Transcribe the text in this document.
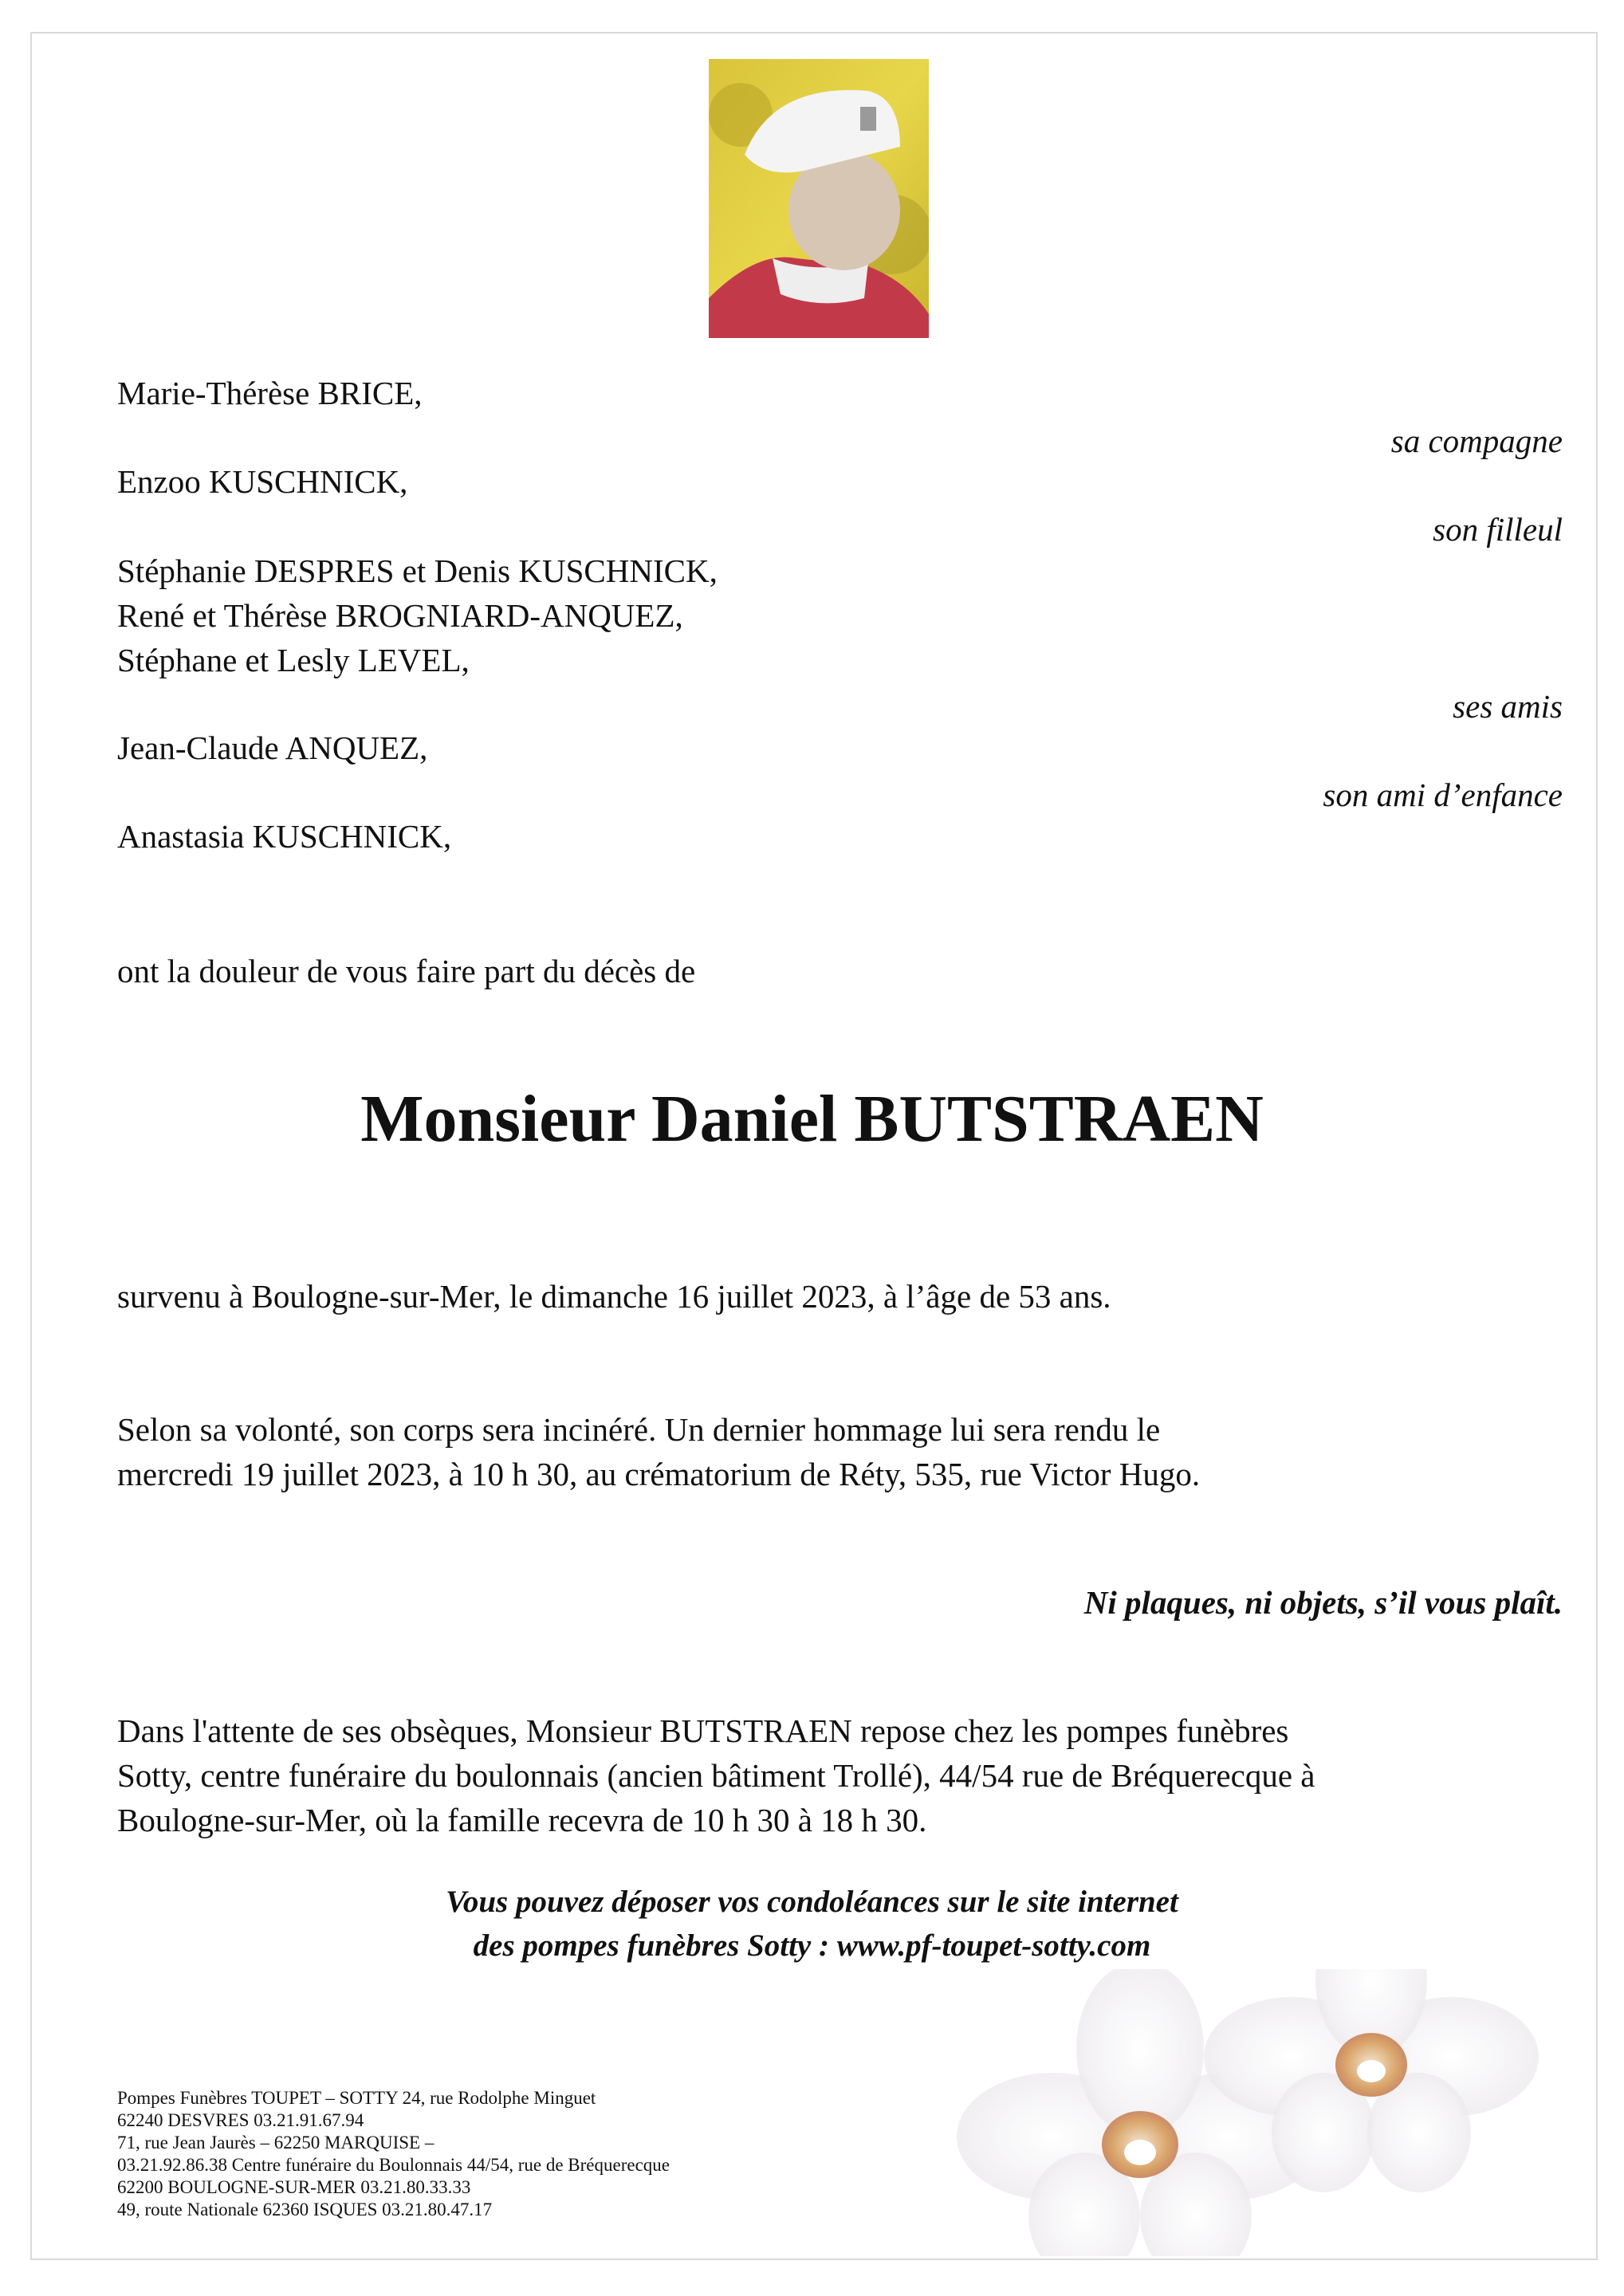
Marie-Thérèse BRICE,
sa compagne
Enzoo KUSCHNICK,
son filleul
Stéphanie DESPRES et Denis KUSCHNICK,
René et Thérèse BROGNIARD-ANQUEZ,
Stéphane et Lesly LEVEL,
ses amis
Jean-Claude ANQUEZ,
son ami d’enfance
Anastasia KUSCHNICK,
ont la douleur de vous faire part du décès de
Monsieur Daniel BUTSTRAEN
survenu à Boulogne-sur-Mer, le dimanche 16 juillet 2023, à l’âge de 53 ans.
Selon sa volonté, son corps sera incinéré. Un dernier hommage lui sera rendu le
mercredi 19 juillet 2023, à 10 h 30, au crématorium de Réty, 535, rue Victor Hugo.
Ni plaques, ni objets, s’il vous plaît.
Dans l'attente de ses obsèques, Monsieur BUTSTRAEN repose chez les pompes funèbres
Sotty, centre funéraire du boulonnais (ancien bâtiment Trollé), 44/54 rue de Bréquerecque à
Boulogne-sur-Mer, où la famille recevra de 10 h 30 à 18 h 30.
Vous pouvez déposer vos condoléances sur le site internet
des pompes funèbres Sotty : www.pf-toupet-sotty.com
Pompes Funèbres TOUPET – SOTTY 24, rue Rodolphe Minguet
62240 DESVRES 03.21.91.67.94
71, rue Jean Jaurès – 62250 MARQUISE –
03.21.92.86.38 Centre funéraire du Boulonnais 44/54, rue de Bréquerecque
62200 BOULOGNE-SUR-MER 03.21.80.33.33
49, route Nationale 62360 ISQUES 03.21.80.47.17
